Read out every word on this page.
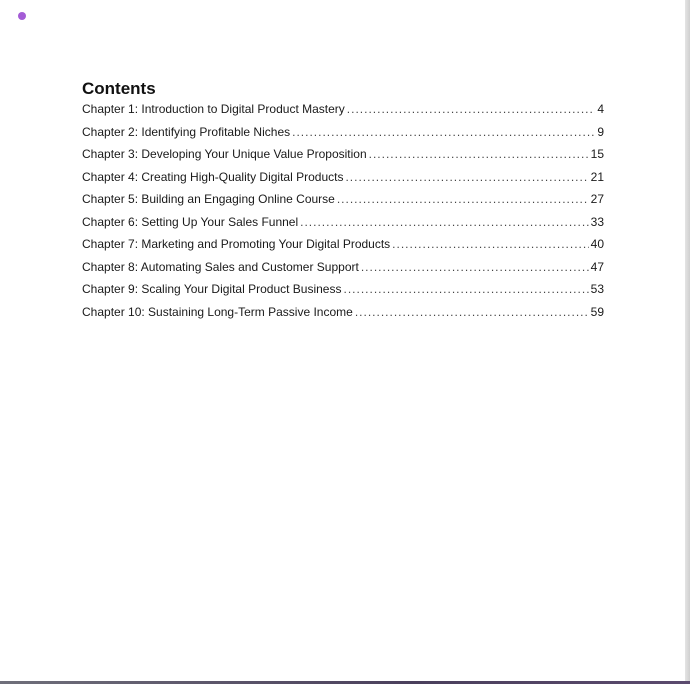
Contents
Chapter 1: Introduction to Digital Product Mastery .....	4
Chapter 2: Identifying Profitable Niches .....	9
Chapter 3: Developing Your Unique Value Proposition .....	15
Chapter 4: Creating High-Quality Digital Products .....	21
Chapter 5: Building an Engaging Online Course .....	27
Chapter 6: Setting Up Your Sales Funnel .....	33
Chapter 7: Marketing and Promoting Your Digital Products .....	40
Chapter 8: Automating Sales and Customer Support .....	47
Chapter 9: Scaling Your Digital Product Business .....	53
Chapter 10: Sustaining Long-Term Passive Income .....	59
